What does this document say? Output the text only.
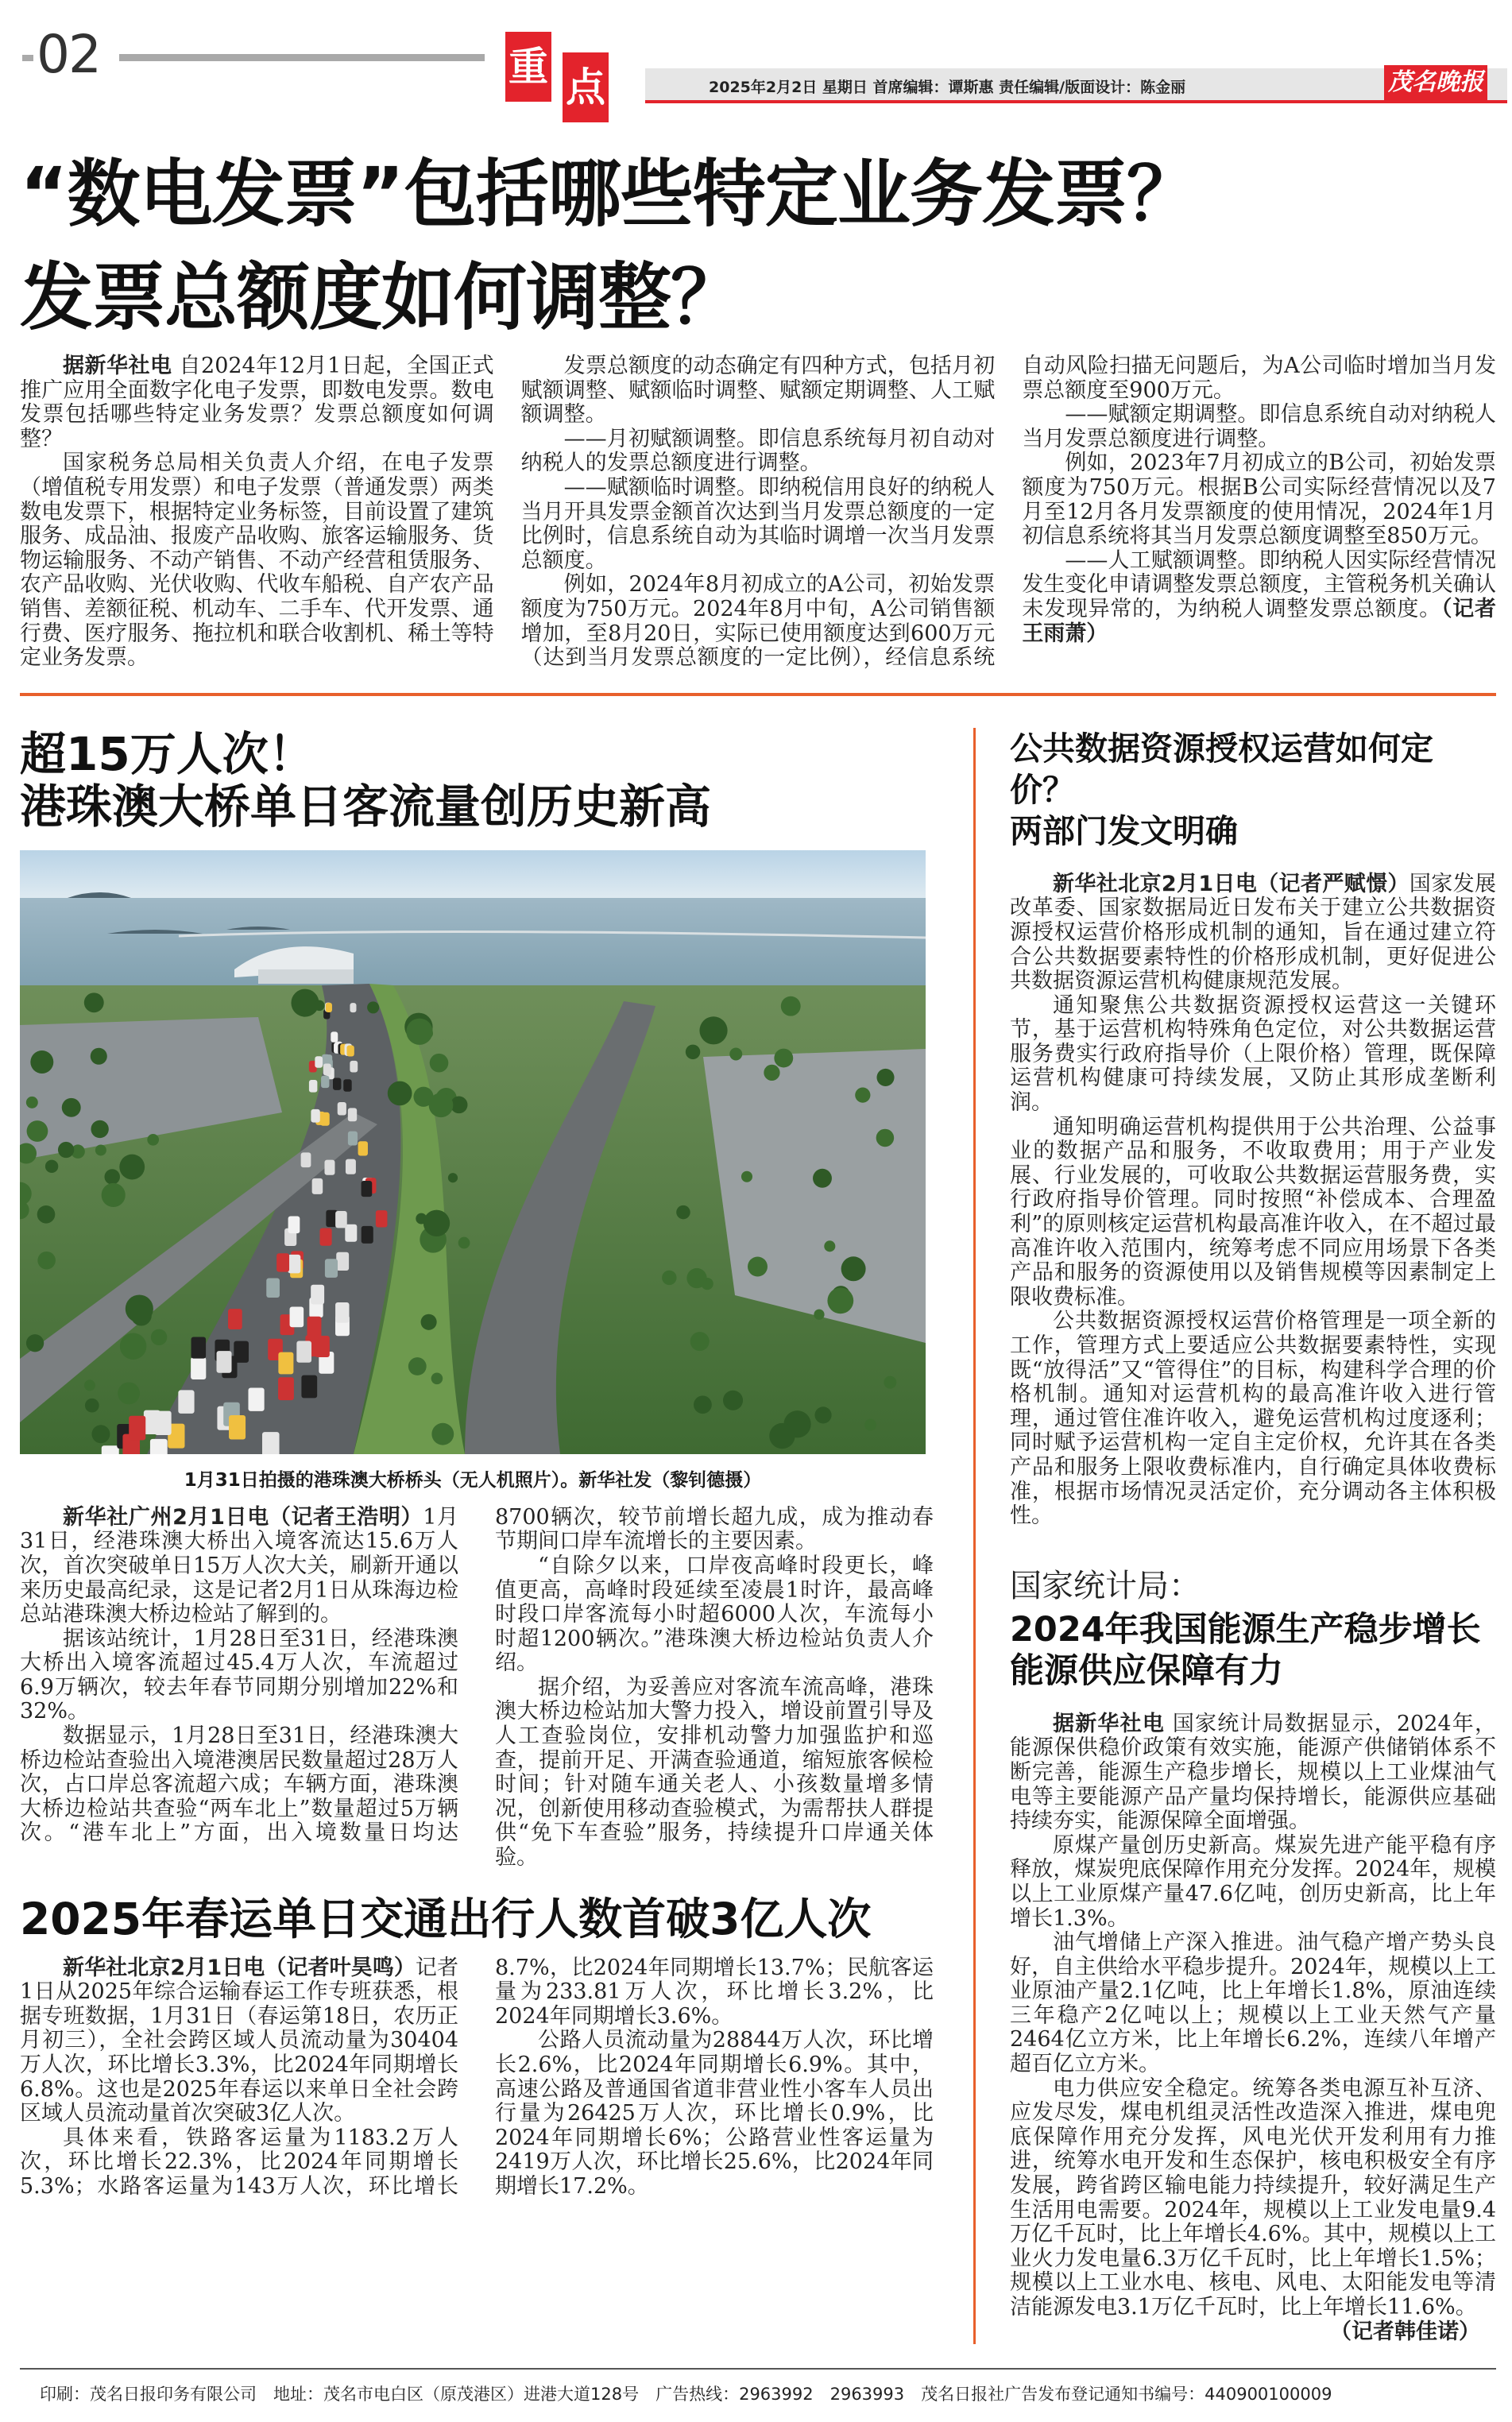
02	重 点	2025年2月2日 星期日 首席编辑：谭斯惠 责任编辑/版面设计：陈金丽	茂名晚报
“数电发票”包括哪些特定业务发票？
发票总额度如何调整？

据新华社电 自2024年12月1日起，全国正式推广应用全面数字化电子发票，即数电发票。数电发票包括哪些特定业务发票？发票总额度如何调整？

国家税务总局相关负责人介绍，在电子发票（增值税专用发票）和电子发票（普通发票）两类数电发票下，根据特定业务标签，目前设置了建筑服务、成品油、报废产品收购、旅客运输服务、货物运输服务、不动产销售、不动产经营租赁服务、农产品收购、光伏收购、代收车船税、自产农产品销售、差额征税、机动车、二手车、代开发票、通行费、医疗服务、拖拉机和联合收割机、稀土等特定业务发票。

发票总额度的动态确定有四种方式，包括月初赋额调整、赋额临时调整、赋额定期调整、人工赋额调整。

——月初赋额调整。即信息系统每月初自动对纳税人的发票总额度进行调整。

——赋额临时调整。即纳税信用良好的纳税人当月开具发票金额首次达到当月发票总额度的一定比例时，信息系统自动为其临时调增一次当月发票总额度。

例如，2024年8月初成立的A公司，初始发票额度为750万元。2024年8月中旬，A公司销售额增加，至8月20日，实际已使用额度达到600万元（达到当月发票总额度的一定比例），经信息系统自动风险扫描无问题后，为A公司临时增加当月发票总额度至900万元。

——赋额定期调整。即信息系统自动对纳税人当月发票总额度进行调整。

例如，2023年7月初成立的B公司，初始发票额度为750万元。根据B公司实际经营情况以及7月至12月各月发票额度的使用情况，2024年1月初信息系统将其当月发票总额度调整至850万元。

——人工赋额调整。即纳税人因实际经营情况发生变化申请调整发票总额度，主管税务机关确认未发现异常的，为纳税人调整发票总额度。（记者王雨萧）

超15万人次！
港珠澳大桥单日客流量创历史新高
1月31日拍摄的港珠澳大桥桥头（无人机照片）。新华社发（黎钊德摄）

新华社广州2月1日电（记者王浩明）1月31日，经港珠澳大桥出入境客流达15.6万人次，首次突破单日15万人次大关，刷新开通以来历史最高纪录，这是记者2月1日从珠海边检总站港珠澳大桥边检站了解到的。

据该站统计，1月28日至31日，经港珠澳大桥出入境客流超过45.4万人次，车流超过6.9万辆次，较去年春节同期分别增加22%和32%。

数据显示，1月28日至31日，经港珠澳大桥边检站查验出入境港澳居民数量超过28万人次，占口岸总客流超六成；车辆方面，港珠澳大桥边检站共查验“两车北上”数量超过5万辆次。“港车北上”方面，出入境数量日均达8700辆次，较节前增长超九成，成为推动春节期间口岸车流增长的主要因素。

“自除夕以来，口岸夜高峰时段更长，峰值更高，高峰时段延续至凌晨1时许，最高峰时段口岸客流每小时超6000人次，车流每小时超1200辆次。”港珠澳大桥边检站负责人介绍。

据介绍，为妥善应对客流车流高峰，港珠澳大桥边检站加大警力投入，增设前置引导及人工查验岗位，安排机动警力加强监护和巡查，提前开足、开满查验通道，缩短旅客候检时间；针对随车通关老人、小孩数量增多情况，创新使用移动查验模式，为需帮扶人群提供“免下车查验”服务，持续提升口岸通关体验。

2025年春运单日交通出行人数首破3亿人次

新华社北京2月1日电（记者叶昊鸣）记者1日从2025年综合运输春运工作专班获悉，根据专班数据，1月31日（春运第18日，农历正月初三），全社会跨区域人员流动量为30404万人次，环比增长3.3%，比2024年同期增长6.8%。这也是2025年春运以来单日全社会跨区域人员流动量首次突破3亿人次。

具体来看，铁路客运量为1183.2万人次，环比增长22.3%，比2024年同期增长5.3%；水路客运量为143万人次，环比增长8.7%，比2024年同期增长13.7%；民航客运量为233.81万人次，环比增长3.2%，比2024年同期增长3.6%。

公路人员流动量为28844万人次，环比增长2.6%，比2024年同期增长6.9%。其中，高速公路及普通国省道非营业性小客车人员出行量为26425万人次，环比增长0.9%，比2024年同期增长6%；公路营业性客运量为2419万人次，环比增长25.6%，比2024年同期增长17.2%。

公共数据资源授权运营如何定价？
两部门发文明确

新华社北京2月1日电（记者严赋憬）国家发展改革委、国家数据局近日发布关于建立公共数据资源授权运营价格形成机制的通知，旨在通过建立符合公共数据要素特性的价格形成机制，更好促进公共数据资源运营机构健康规范发展。

通知聚焦公共数据资源授权运营这一关键环节，基于运营机构特殊角色定位，对公共数据运营服务费实行政府指导价（上限价格）管理，既保障运营机构健康可持续发展，又防止其形成垄断利润。

通知明确运营机构提供用于公共治理、公益事业的数据产品和服务，不收取费用；用于产业发展、行业发展的，可收取公共数据运营服务费，实行政府指导价管理。同时按照“补偿成本、合理盈利”的原则核定运营机构最高准许收入，在不超过最高准许收入范围内，统筹考虑不同应用场景下各类产品和服务的资源使用以及销售规模等因素制定上限收费标准。

公共数据资源授权运营价格管理是一项全新的工作，管理方式上要适应公共数据要素特性，实现既“放得活”又“管得住”的目标，构建科学合理的价格机制。通知对运营机构的最高准许收入进行管理，通过管住准许收入，避免运营机构过度逐利；同时赋予运营机构一定自主定价权，允许其在各类产品和服务上限收费标准内，自行确定具体收费标准，根据市场情况灵活定价，充分调动各主体积极性。

国家统计局：
2024年我国能源生产稳步增长
能源供应保障有力

据新华社电 国家统计局数据显示，2024年，能源保供稳价政策有效实施，能源产供储销体系不断完善，能源生产稳步增长，规模以上工业煤油气电等主要能源产品产量均保持增长，能源供应基础持续夯实，能源保障全面增强。

原煤产量创历史新高。煤炭先进产能平稳有序释放，煤炭兜底保障作用充分发挥。2024年，规模以上工业原煤产量47.6亿吨，创历史新高，比上年增长1.3%。

油气增储上产深入推进。油气稳产增产势头良好，自主供给水平稳步提升。2024年，规模以上工业原油产量2.1亿吨，比上年增长1.8%，原油连续三年稳产2亿吨以上；规模以上工业天然气产量2464亿立方米，比上年增长6.2%，连续八年增产超百亿立方米。

电力供应安全稳定。统筹各类电源互补互济、应发尽发，煤电机组灵活性改造深入推进，煤电兜底保障作用充分发挥，风电光伏开发利用有力推进，统筹水电开发和生态保护，核电积极安全有序发展，跨省跨区输电能力持续提升，较好满足生产生活用电需要。2024年，规模以上工业发电量9.4万亿千瓦时，比上年增长4.6%。其中，规模以上工业火力发电量6.3万亿千瓦时，比上年增长1.5%；规模以上工业水电、核电、风电、太阳能发电等清洁能源发电3.1万亿千瓦时，比上年增长11.6%。

（记者韩佳诺）

印刷：茂名日报印务有限公司　地址：茂名市电白区（原茂港区）进港大道128号　广告热线：2963992　2963993　茂名日报社广告发布登记通知书编号：440900100009
